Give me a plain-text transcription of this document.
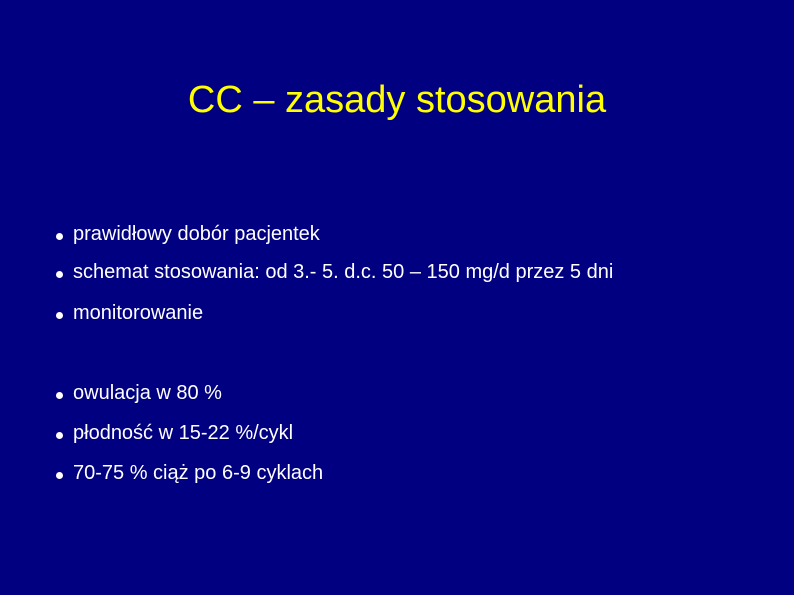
CC – zasady stosowania
prawidłowy dobór pacjentek
schemat stosowania: od 3.- 5. d.c. 50 – 150 mg/d przez 5 dni
monitorowanie
owulacja w 80 %
płodność w 15-22 %/cykl
70-75 % ciąż po 6-9 cyklach
